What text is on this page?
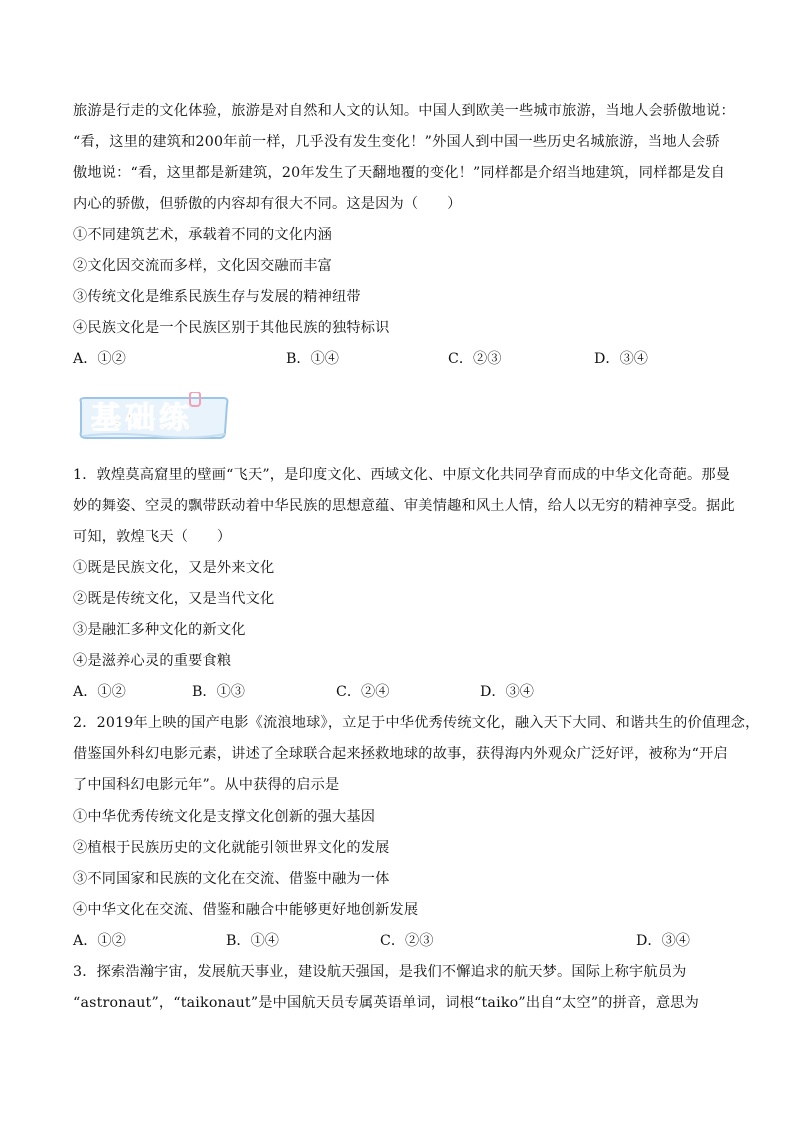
旅游是行走的文化体验，旅游是对自然和人文的认知。中国人到欧美一些城市旅游，当地人会骄傲地说：
“看，这里的建筑和200年前一样，几乎没有发生变化！”外国人到中国一些历史名城旅游，当地人会骄
傲地说：“看，这里都是新建筑，20年发生了天翻地覆的变化！”同样都是介绍当地建筑，同样都是发自
内心的骄傲，但骄傲的内容却有很大不同。这是因为（　　）
①不同建筑艺术，承载着不同的文化内涵
②文化因交流而多样，文化因交融而丰富
③传统文化是维系民族生存与发展的精神纽带
④民族文化是一个民族区别于其他民族的独特标识
A．①②	B．①④	C．②③	D．③④
基础练
1．敦煌莫高窟里的壁画“飞天”，是印度文化、西域文化、中原文化共同孕育而成的中华文化奇葩。那曼
妙的舞姿、空灵的飘带跃动着中华民族的思想意蕴、审美情趣和风土人情，给人以无穷的精神享受。据此
可知，敦煌飞天（　　）
①既是民族文化，又是外来文化
②既是传统文化，又是当代文化
③是融汇多种文化的新文化
④是滋养心灵的重要食粮
A．①②	B．①③	C．②④	D．③④
2．2019年上映的国产电影《流浪地球》，立足于中华优秀传统文化，融入天下大同、和谐共生的价值理念，
借鉴国外科幻电影元素，讲述了全球联合起来拯救地球的故事，获得海内外观众广泛好评，被称为“开启
了中国科幻电影元年”。从中获得的启示是
①中华优秀传统文化是支撑文化创新的强大基因
②植根于民族历史的文化就能引领世界文化的发展
③不同国家和民族的文化在交流、借鉴中融为一体
④中华文化在交流、借鉴和融合中能够更好地创新发展
A．①②	B．①④	C．②③	D．③④
3．探索浩瀚宇宙，发展航天事业，建设航天强国，是我们不懈追求的航天梦。国际上称宇航员为
“astronaut”，“taikonaut”是中国航天员专属英语单词，词根“taiko”出自“太空”的拼音，意思为
